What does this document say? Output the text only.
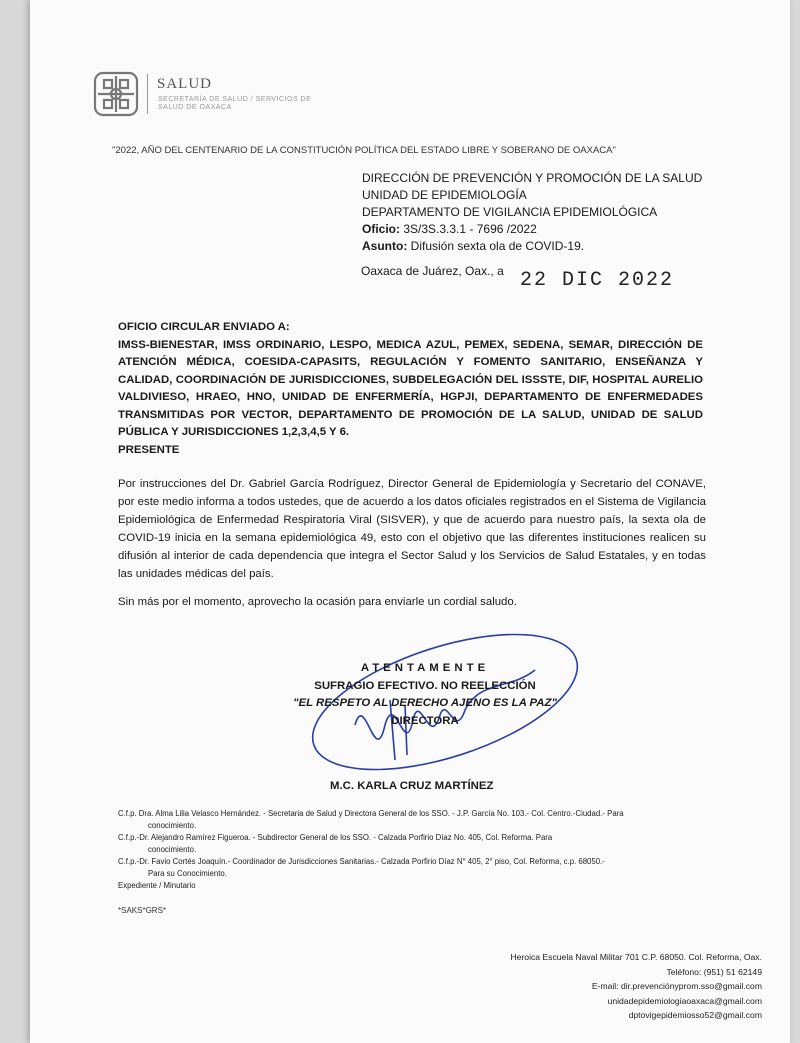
SALUD
SECRETARÍA DE SALUD / SERVICIOS DE SALUD DE OAXACA
"2022, AÑO DEL CENTENARIO DE LA CONSTITUCIÓN POLÍTICA DEL ESTADO LIBRE Y SOBERANO DE OAXACA"
DIRECCIÓN DE PREVENCIÓN Y PROMOCIÓN DE LA SALUD
UNIDAD DE EPIDEMIOLOGÍA
DEPARTAMENTO DE VIGILANCIA EPIDEMIOLÓGICA
Oficio: 3S/3S.3.3.1 - 7696 /2022
Asunto: Difusión sexta ola de COVID-19.
Oaxaca de Juárez, Oax., a 22 DIC 2022
OFICIO CIRCULAR ENVIADO A:
IMSS-BIENESTAR, IMSS ORDINARIO, LESPO, MEDICA AZUL, PEMEX, SEDENA, SEMAR, DIRECCIÓN DE ATENCIÓN MÉDICA, COESIDA-CAPASITS, REGULACIÓN Y FOMENTO SANITARIO, ENSEÑANZA Y CALIDAD, COORDINACIÓN DE JURISDICCIONES, SUBDELEGACIÓN DEL ISSSTE, DIF, HOSPITAL AURELIO VALDIVIESO, HRAEO, HNO, UNIDAD DE ENFERMERÍA, HGPJI, DEPARTAMENTO DE ENFERMEDADES TRANSMITIDAS POR VECTOR, DEPARTAMENTO DE PROMOCIÓN DE LA SALUD, UNIDAD DE SALUD PÚBLICA Y JURISDICCIONES 1,2,3,4,5 Y 6.
PRESENTE
Por instrucciones del Dr. Gabriel García Rodríguez, Director General de Epidemiología y Secretario del CONAVE, por este medio informa a todos ustedes, que de acuerdo a los datos oficiales registrados en el Sistema de Vigilancia Epidemiológica de Enfermedad Respiratoria Viral (SISVER), y que de acuerdo para nuestro país, la sexta ola de COVID-19 inicia en la semana epidemiológica 49, esto con el objetivo que las diferentes instituciones realicen su difusión al interior de cada dependencia que integra el Sector Salud y los Servicios de Salud Estatales, y en todas las unidades médicas del país.
Sin más por el momento, aprovecho la ocasión para enviarle un cordial saludo.
ATENTAMENTE
SUFRAGIO EFECTIVO. NO REELECCIÓN
"EL RESPETO AL DERECHO AJENO ES LA PAZ"
DIRECTORA
M.C. KARLA CRUZ MARTÍNEZ
C.f.p. Dra. Alma Lilia Velasco Hernández. - Secretaria de Salud y Directora General de los SSO. - J.P. García No. 103.- Col. Centro.-Ciudad.- Para
conocimiento.
C.f.p.-Dr. Alejandro Ramírez Figueroa. - Subdirector General de los SSO. - Calzada Porfirio Díaz No. 405, Col. Reforma. Para
conocimiento.
C.f.p.-Dr. Favio Cortés Joaquín.- Coordinador de Jurisdicciones Sanitarias.- Calzada Porfirio Díaz N° 405, 2° piso, Col. Reforma, c.p. 68050.-
Para su Conocimiento.
Expediente / Minutario
*SAKS*GRS*
Heroica Escuela Naval Militar 701 C.P. 68050. Col. Reforma, Oax.
Teléfono: (951) 51 62149
E-mail: dir.prevenciónyprom.sso@gmail.com
unidadepidemiologiaoaxaca@gmail.com
dptovigepidemiosso52@gmail.com
